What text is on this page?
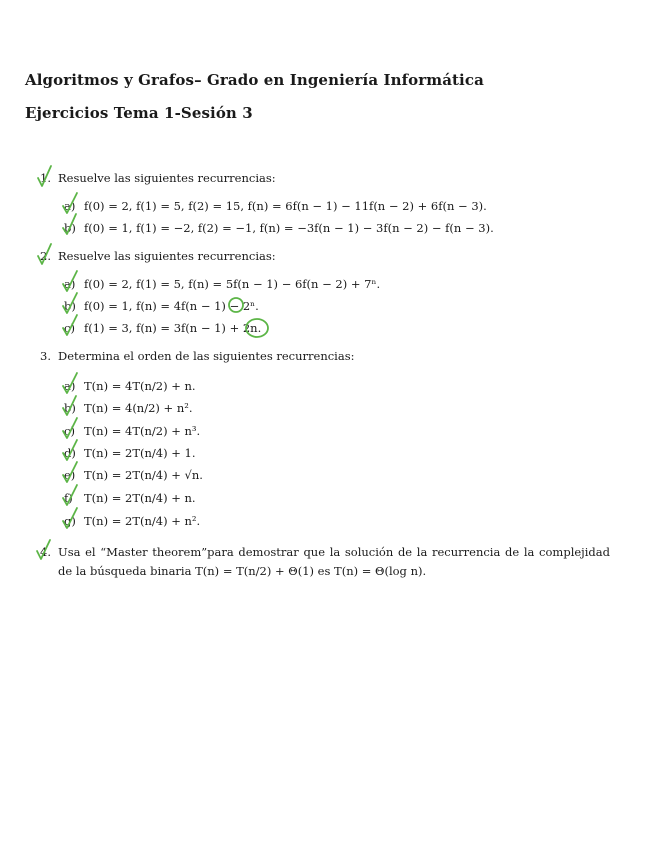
Algoritmos y Grafos– Grado en Ingeniería Informática
Ejercicios Tema 1-Sesión 3
1. Resuelve las siguientes recurrencias:
a) f(0) = 2, f(1) = 5, f(2) = 15, f(n) = 6f(n − 1) − 11f(n − 2) + 6f(n − 3).
b) f(0) = 1, f(1) = −2, f(2) = −1, f(n) = −3f(n − 1) − 3f(n − 2) − f(n − 3).
2. Resuelve las siguientes recurrencias:
a) f(0) = 2, f(1) = 5, f(n) = 5f(n − 1) − 6f(n − 2) + 7ⁿ.
b) f(0) = 1, f(n) = 4f(n − 1) − 2ⁿ.
c) f(1) = 3, f(n) = 3f(n − 1) + 2n.
3. Determina el orden de las siguientes recurrencias:
a) T(n) = 4T(n/2) + n.
b) T(n) = 4(n/2) + n².
c) T(n) = 4T(n/2) + n³.
d) T(n) = 2T(n/4) + 1.
e) T(n) = 2T(n/4) + √n.
f) T(n) = 2T(n/4) + n.
g) T(n) = 2T(n/4) + n².
4. Usa el “Master theorem”para demostrar que la solución de la recurrencia de la complejidad de la búsqueda binaria T(n) = T(n/2) + Θ(1) es T(n) = Θ(log n).
